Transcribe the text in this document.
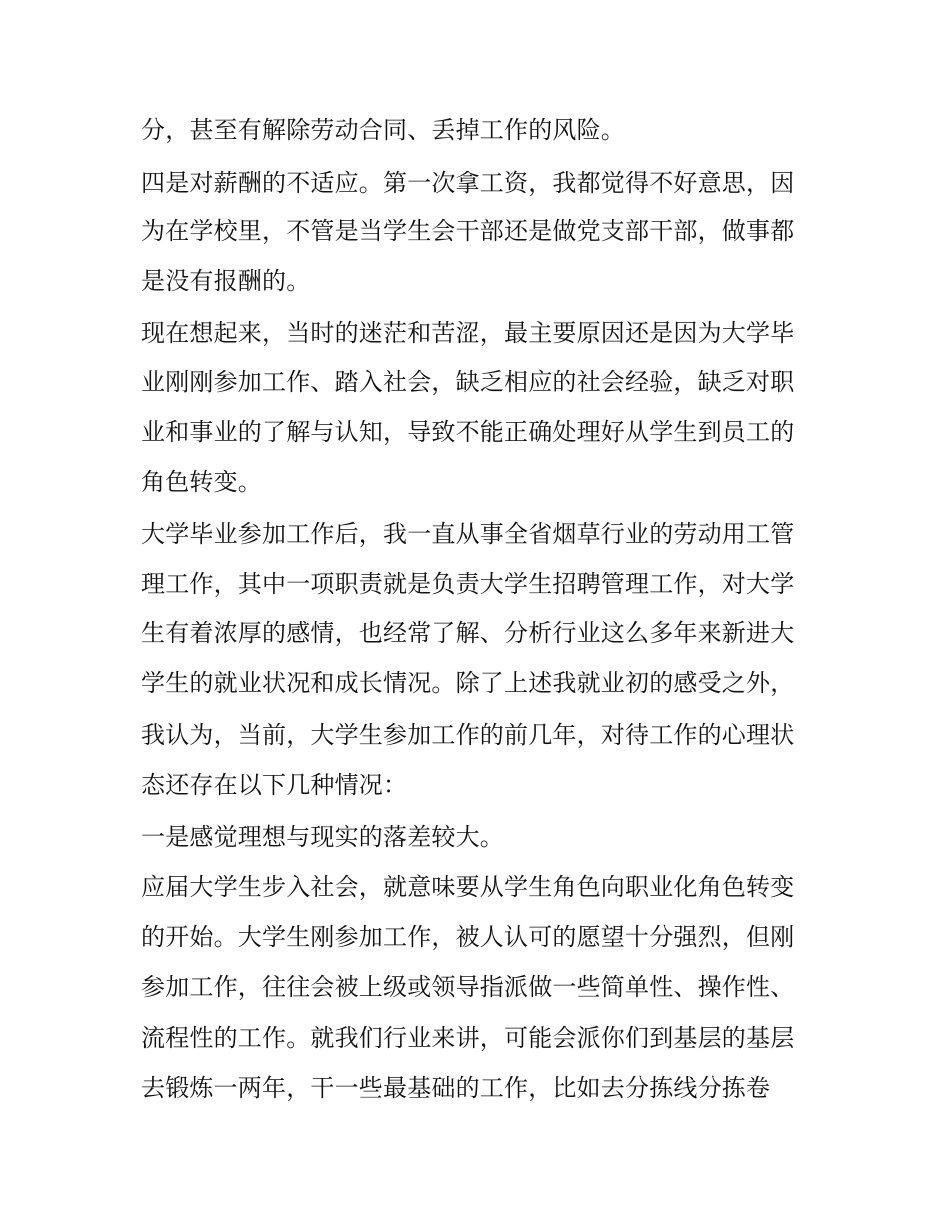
分，甚至有解除劳动合同、丢掉工作的风险。

四是对薪酬的不适应。第一次拿工资，我都觉得不好意思，因

为在学校里，不管是当学生会干部还是做党支部干部，做事都

是没有报酬的。

现在想起来，当时的迷茫和苦涩，最主要原因还是因为大学毕

业刚刚参加工作、踏入社会，缺乏相应的社会经验，缺乏对职

业和事业的了解与认知，导致不能正确处理好从学生到员工的

角色转变。

大学毕业参加工作后，我一直从事全省烟草行业的劳动用工管

理工作，其中一项职责就是负责大学生招聘管理工作，对大学

生有着浓厚的感情，也经常了解、分析行业这么多年来新进大

学生的就业状况和成长情况。除了上述我就业初的感受之外，

我认为，当前，大学生参加工作的前几年，对待工作的心理状

态还存在以下几种情况：

一是感觉理想与现实的落差较大。

应届大学生步入社会，就意味要从学生角色向职业化角色转变

的开始。大学生刚参加工作，被人认可的愿望十分强烈，但刚

参加工作，往往会被上级或领导指派做一些简单性、操作性、

流程性的工作。就我们行业来讲，可能会派你们到基层的基层

去锻炼一两年，干一些最基础的工作，比如去分拣线分拣卷
